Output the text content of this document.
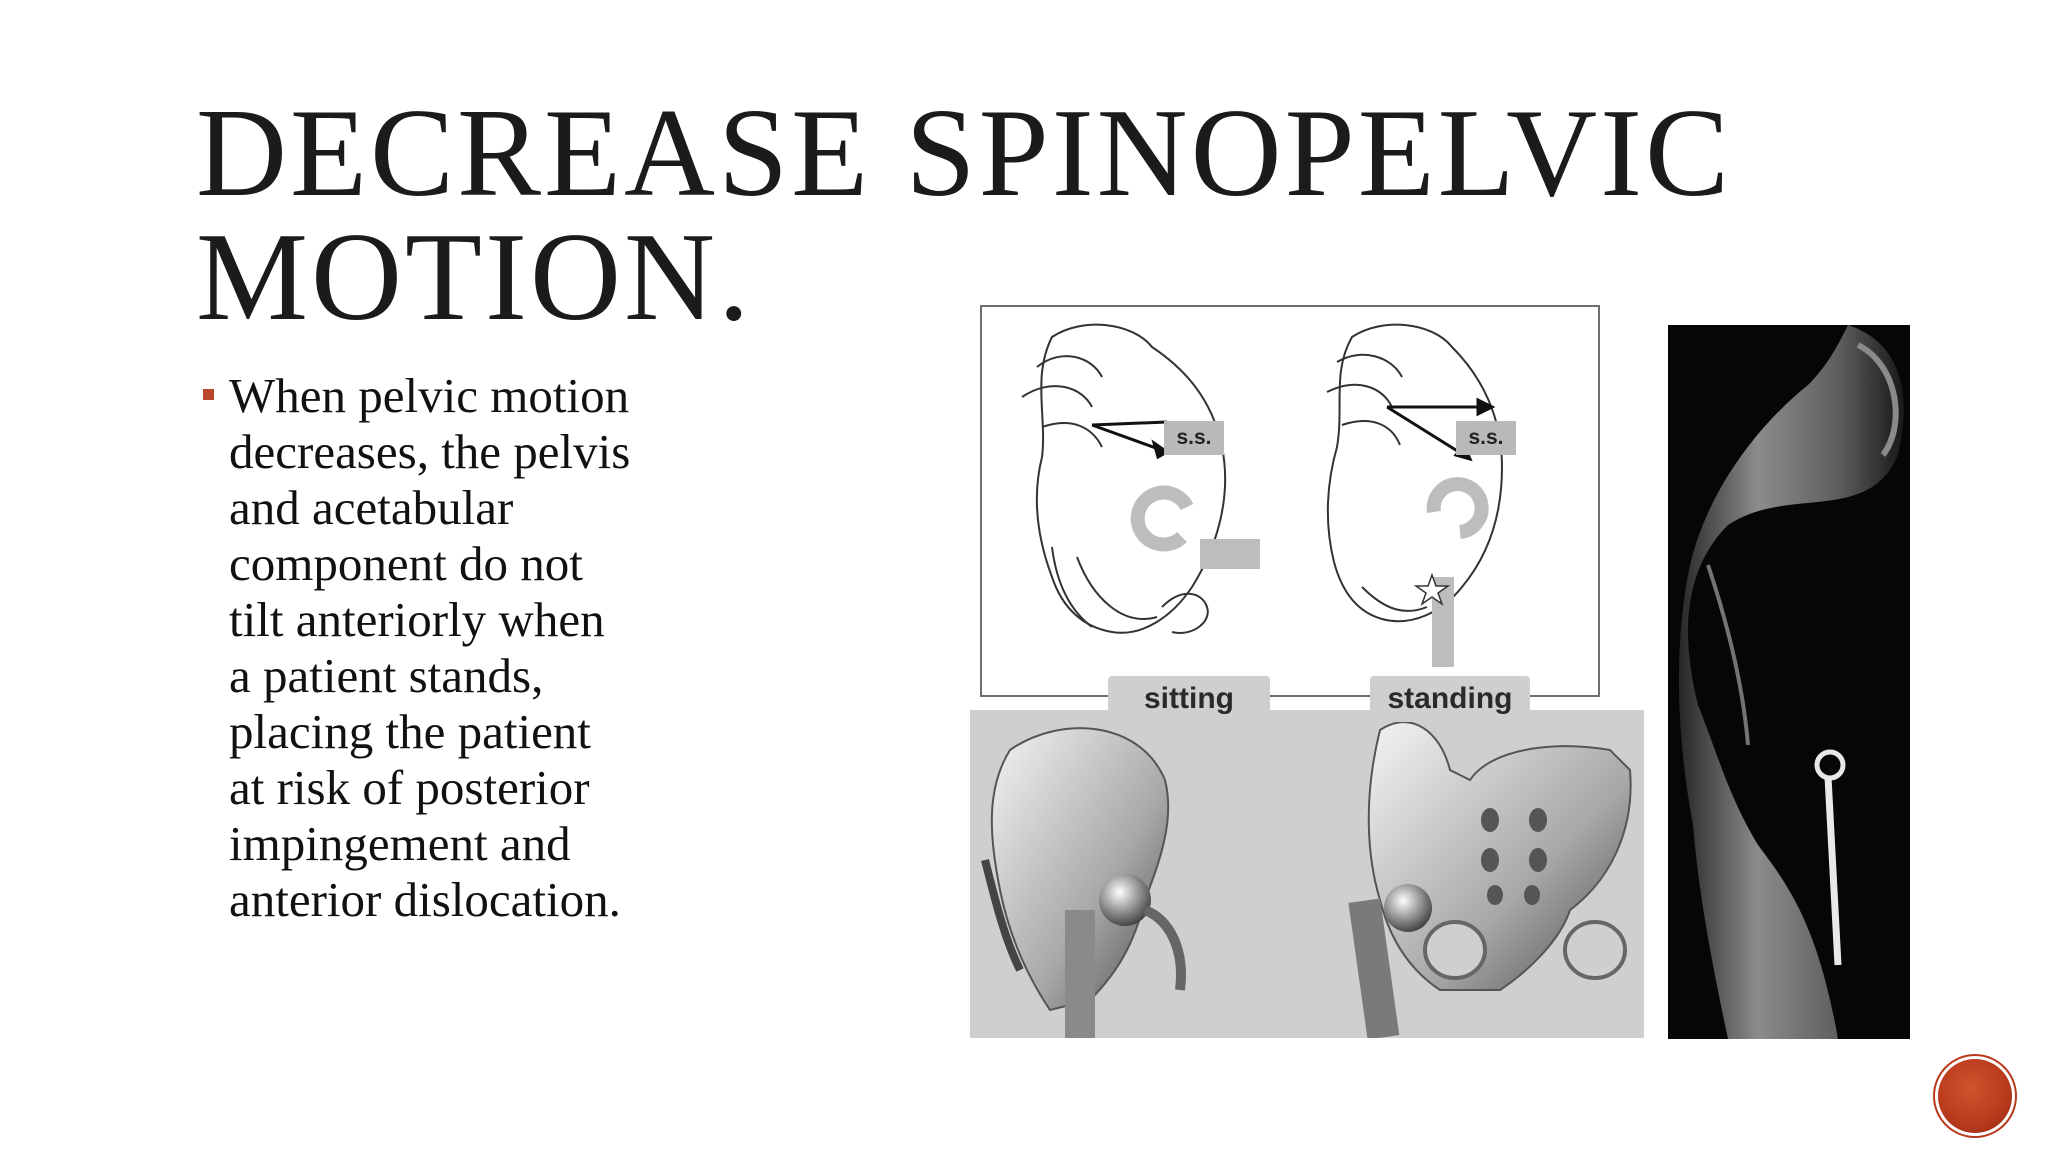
DECREASE SPINOPELVIC
MOTION.
When pelvic motion
decreases, the pelvis
and acetabular
component do not
tilt anteriorly when
a patient stands,
placing the patient
at risk of posterior
impingement and
anterior dislocation.
s.s.	s.s.
sitting	standing
